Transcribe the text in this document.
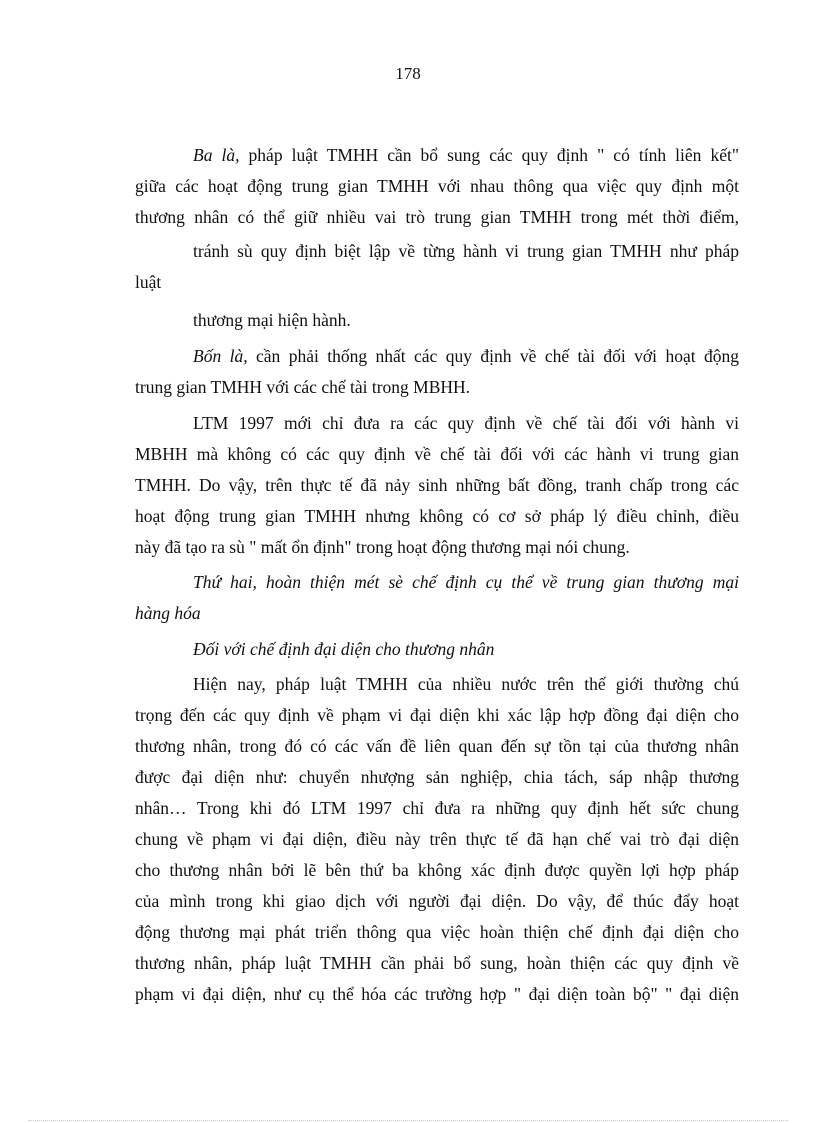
178
Ba là, pháp luật TMHH cần bổ sung các quy định " có tính liên kết"
giữa các hoạt động trung gian TMHH với nhau thông qua việc quy định một
thương nhân có thể giữ nhiều vai trò trung gian TMHH trong mét thời điểm,
tránh sù quy định biệt lập về từng hành vi trung gian TMHH như pháp
luật
thương mại hiện hành.
Bốn là, cần phải thống nhất các quy định về chế tài đối với hoạt động
trung gian TMHH với các chế tài trong MBHH.
LTM 1997 mới chỉ đưa ra các quy định về chế tài đối với hành vi
MBHH mà không có các quy định về chế tài đối với các hành vi trung gian
TMHH. Do vậy, trên thực tế đã nảy sinh những bất đồng, tranh chấp trong các
hoạt động trung gian TMHH nhưng không có cơ sở pháp lý điều chỉnh, điều
này đã tạo ra sù " mất ổn định" trong hoạt động thương mại nói chung.
Thứ hai, hoàn thiện mét sè chế định cụ thể về trung gian thương mại
hàng hóa
Đối với chế định đại diện cho thương nhân
Hiện nay, pháp luật TMHH của nhiều nước trên thế giới thường chú
trọng đến các quy định về phạm vi đại diện khi xác lập hợp đồng đại diện cho
thương nhân, trong đó có các vấn đề liên quan đến sự tồn tại của thương nhân
được đại diện như: chuyển nhượng sản nghiệp, chia tách, sáp nhập thương
nhân… Trong khi đó LTM 1997 chỉ đưa ra những quy định hết sức chung
chung về phạm vi đại diện, điều này trên thực tế đã hạn chế vai trò đại diện
cho thương nhân bởi lẽ bên thứ ba không xác định được quyền lợi hợp pháp
của mình trong khi giao dịch với người đại diện. Do vậy, để thúc đẩy hoạt
động thương mại phát triển thông qua việc hoàn thiện chế định đại diện cho
thương nhân, pháp luật TMHH cần phải bổ sung, hoàn thiện các quy định về
phạm vi đại diện, như cụ thể hóa các trường hợp " đại diện toàn bộ" " đại diện
